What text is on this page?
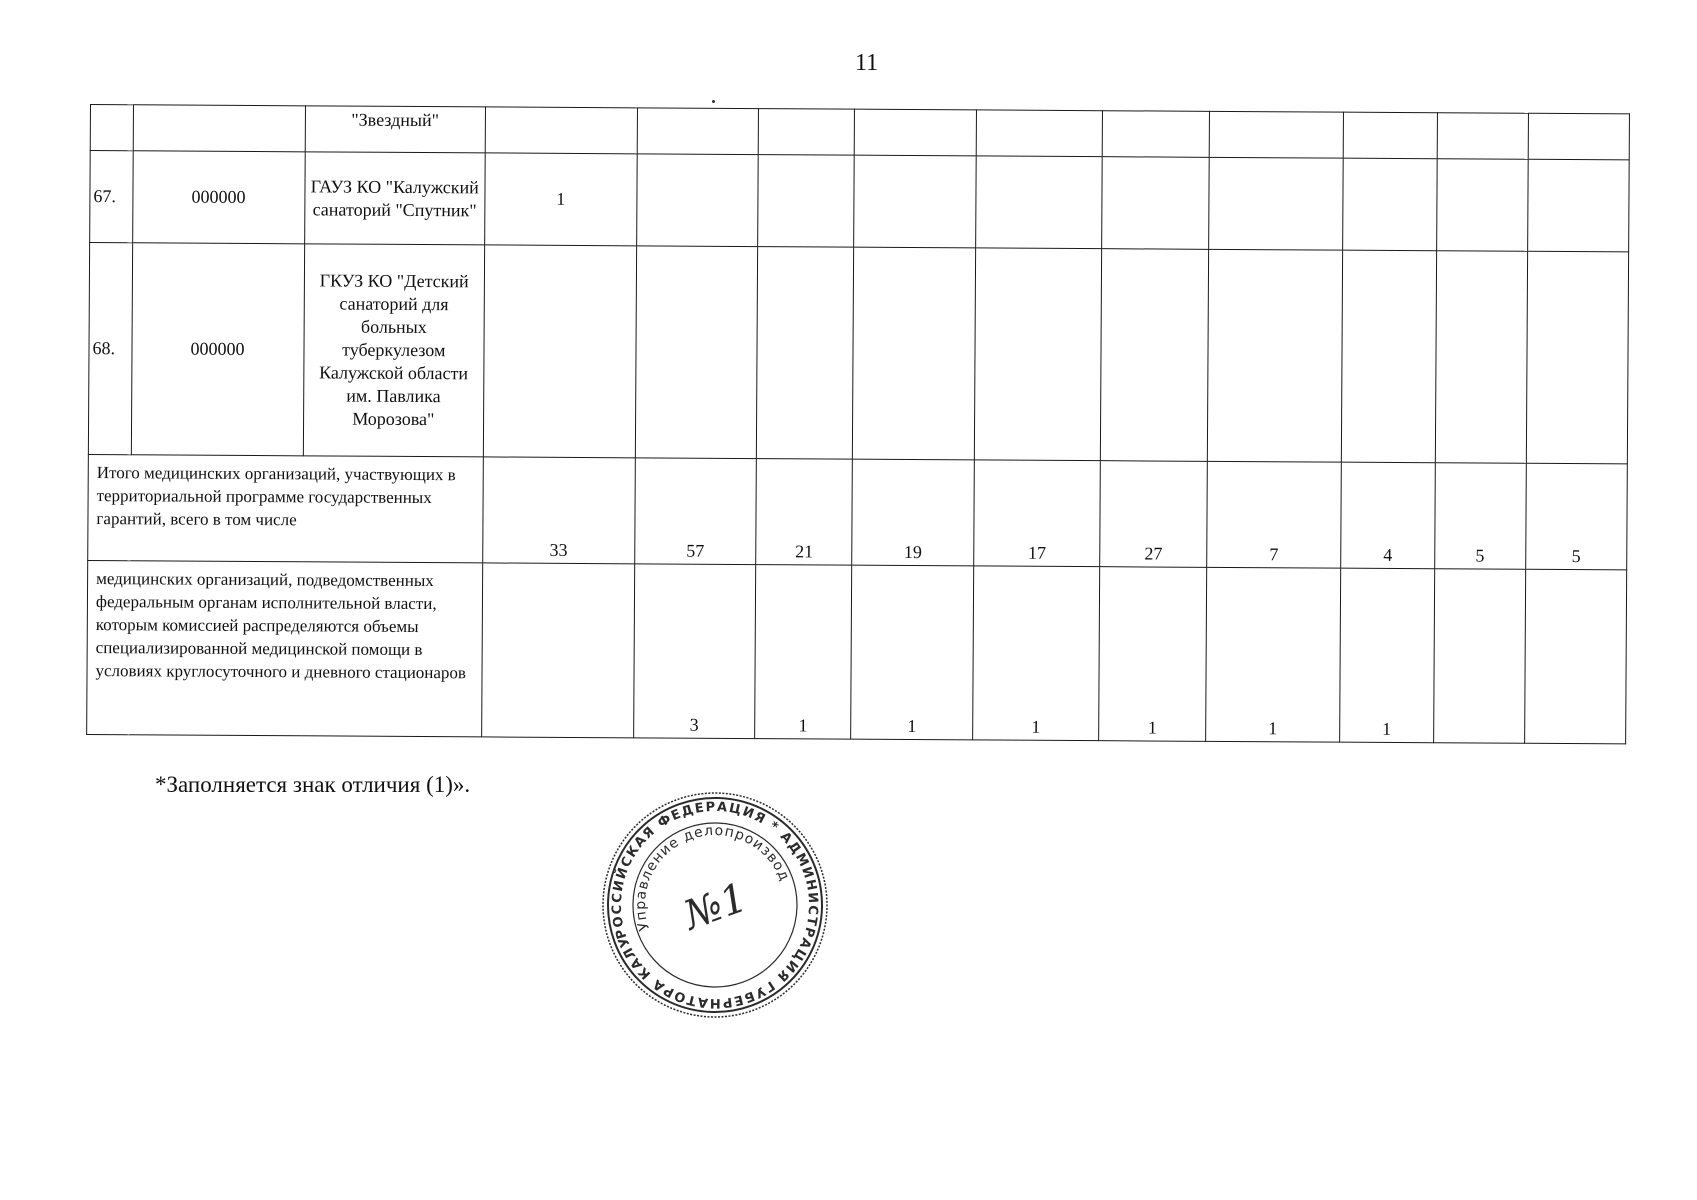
11
		"Звездный"										
67.	000000	ГАУЗ КО "Калужский санаторий "Спутник"	1									
68.	000000	ГКУЗ КО "Детский санаторий для больных туберкулезом Калужской области им. Павлика Морозова"										
Итого медицинских организаций, участвующих в территориальной программе государственных гарантий, всего в том числе			33	57	21	19	17	27	7	4	5	5
медицинских организаций, подведомственных федеральным органам исполнительной власти, которым комиссией распределяются объемы специализированной медицинской помощи в условиях круглосуточного и дневного стационаров				3	1	1	1	1	1	1		
*Заполняется знак отличия (1)».
РОССИЙСКАЯ ФЕДЕРАЦИЯ * АДМИНИСТРАЦИЯ ГУБЕРНАТОРА КАЛУЖСКОЙ
Управление делопроизводства
№1
